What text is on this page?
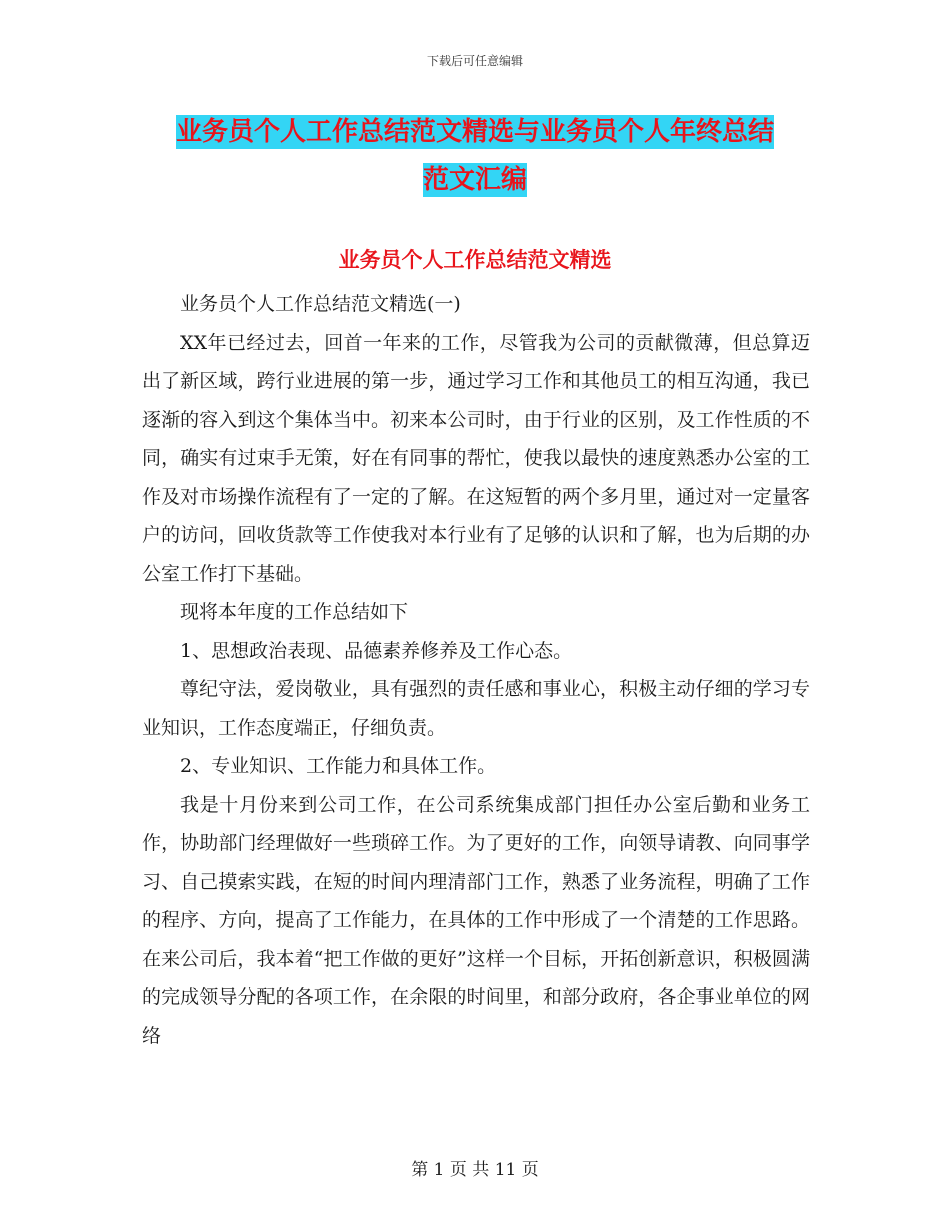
下载后可任意编辑
业务员个人工作总结范文精选与业务员个人年终总结
范文汇编
业务员个人工作总结范文精选

业务员个人工作总结范文精选(一)

XX年已经过去，回首一年来的工作，尽管我为公司的贡献微薄，但总算迈出了新区域，跨行业进展的第一步，通过学习工作和其他员工的相互沟通，我已逐渐的容入到这个集体当中。初来本公司时，由于行业的区别，及工作性质的不同，确实有过束手无策，好在有同事的帮忙，使我以最快的速度熟悉办公室的工作及对市场操作流程有了一定的了解。在这短暂的两个多月里，通过对一定量客户的访问，回收货款等工作使我对本行业有了足够的认识和了解，也为后期的办公室工作打下基础。

现将本年度的工作总结如下

1、思想政治表现、品德素养修养及工作心态。

尊纪守法，爱岗敬业，具有强烈的责任感和事业心，积极主动仔细的学习专业知识，工作态度端正，仔细负责。

2、专业知识、工作能力和具体工作。

我是十月份来到公司工作，在公司系统集成部门担任办公室后勤和业务工作，协助部门经理做好一些琐碎工作。为了更好的工作，向领导请教、向同事学习、自己摸索实践，在短的时间内理清部门工作，熟悉了业务流程，明确了工作的程序、方向，提高了工作能力，在具体的工作中形成了一个清楚的工作思路。在来公司后，我本着“把工作做的更好”这样一个目标，开拓创新意识，积极圆满的完成领导分配的各项工作，在余限的时间里，和部分政府，各企事业单位的网络

第 1 页 共 11 页
